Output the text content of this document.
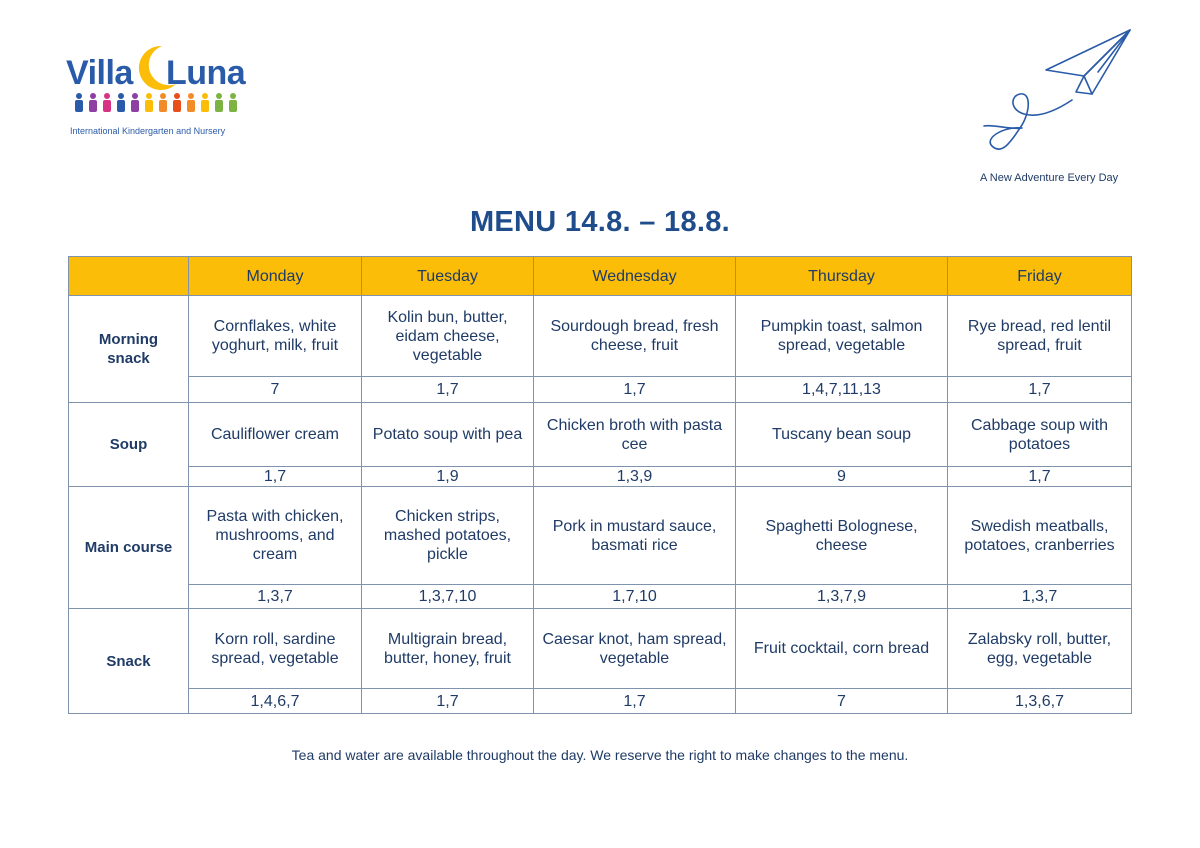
Villa Luna
International Kindergarten and Nursery
A New Adventure Every Day
MENU 14.8. – 18.8.
	Monday	Tuesday	Wednesday	Thursday	Friday
Morning snack	Cornflakes, white yoghurt, milk, fruit	Kolin bun, butter, eidam cheese, vegetable	Sourdough bread, fresh cheese, fruit	Pumpkin toast, salmon spread, vegetable	Rye bread, red lentil spread, fruit
	7	1,7	1,7	1,4,7,11,13	1,7
Soup	Cauliflower cream	Potato soup with pea	Chicken broth with pasta cee	Tuscany bean soup	Cabbage soup with potatoes
	1,7	1,9	1,3,9	9	1,7
Main course	Pasta with chicken, mushrooms, and cream	Chicken strips, mashed potatoes, pickle	Pork in mustard sauce, basmati rice	Spaghetti Bolognese, cheese	Swedish meatballs, potatoes, cranberries
	1,3,7	1,3,7,10	1,7,10	1,3,7,9	1,3,7
Snack	Korn roll, sardine spread, vegetable	Multigrain bread, butter, honey, fruit	Caesar knot, ham spread, vegetable	Fruit cocktail, corn bread	Zalabsky roll, butter, egg, vegetable
	1,4,6,7	1,7	1,7	7	1,3,6,7
Tea and water are available throughout the day. We reserve the right to make changes to the menu.
